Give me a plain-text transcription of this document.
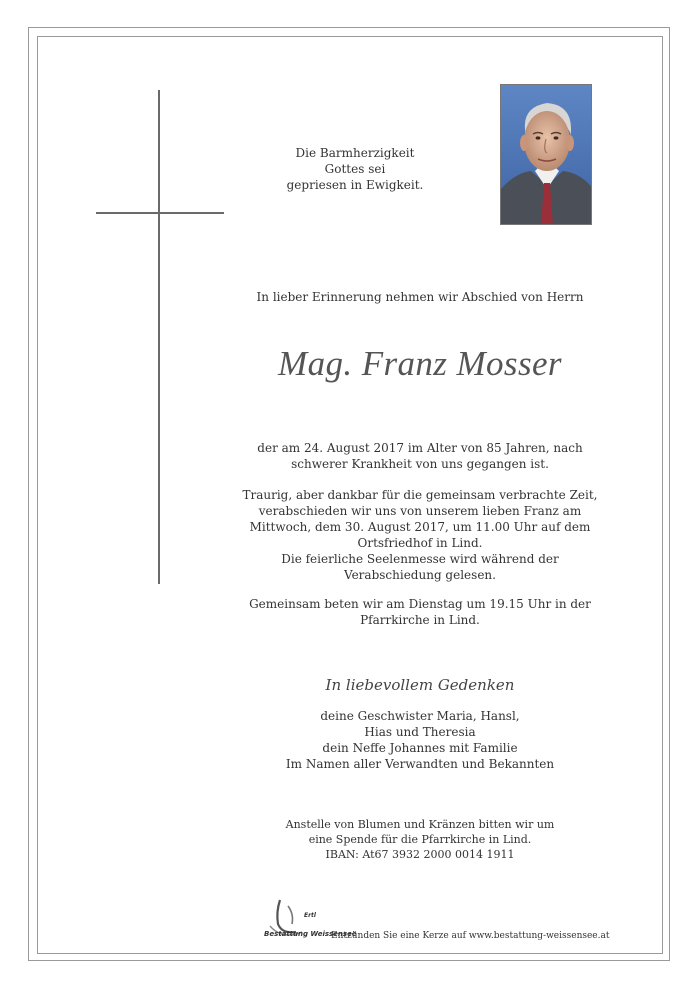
Die Barmherzigkeit
Gottes sei
gepriesen in Ewigkeit.
In lieber Erinnerung nehmen wir Abschied von Herrn
Mag. Franz Mosser
der am 24. August 2017 im Alter von 85 Jahren, nach
schwerer Krankheit von uns gegangen ist.
Traurig, aber dankbar für die gemeinsam verbrachte Zeit,
verabschieden wir uns von unserem lieben Franz am
Mittwoch, dem 30. August 2017, um 11.00 Uhr auf dem
Ortsfriedhof in Lind.
Die feierliche Seelenmesse wird während der
Verabschiedung gelesen.
Gemeinsam beten wir am Dienstag um 19.15 Uhr in der
Pfarrkirche in Lind.
In liebevollem Gedenken
deine Geschwister Maria, Hansl,
Hias und Theresia
dein Neffe Johannes mit Familie
Im Namen aller Verwandten und Bekannten
Anstelle von Blumen und Kränzen bitten wir um
eine Spende für die Pfarrkirche in Lind.
IBAN: At67 3932 2000 0014 1911
Ertl
Bestattung Weissensee
Entzünden Sie eine Kerze auf www.bestattung-weissensee.at
